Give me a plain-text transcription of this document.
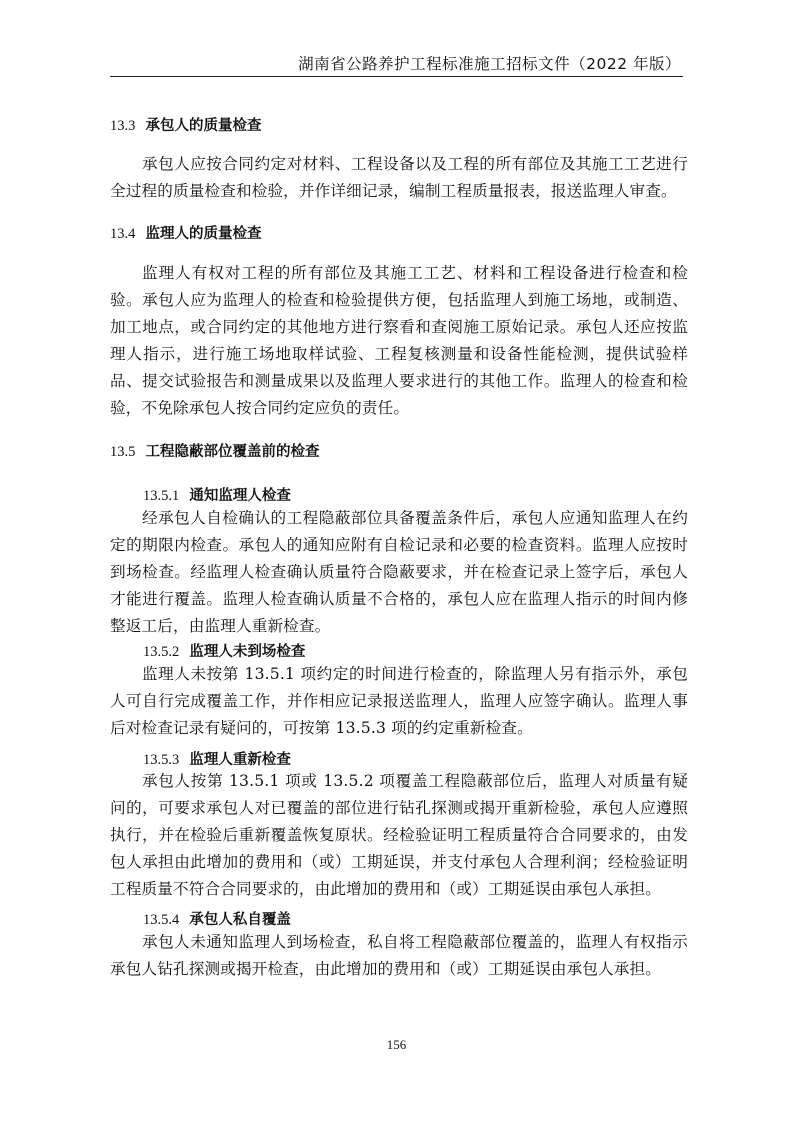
湖南省公路养护工程标准施工招标文件（2022 年版）
13.3 承包人的质量检查
承包人应按合同约定对材料、工程设备以及工程的所有部位及其施工工艺进行全过程的质量检查和检验，并作详细记录，编制工程质量报表，报送监理人审查。
13.4 监理人的质量检查
监理人有权对工程的所有部位及其施工工艺、材料和工程设备进行检查和检验。承包人应为监理人的检查和检验提供方便，包括监理人到施工场地，或制造、加工地点，或合同约定的其他地方进行察看和查阅施工原始记录。承包人还应按监理人指示，进行施工场地取样试验、工程复核测量和设备性能检测，提供试验样品、提交试验报告和测量成果以及监理人要求进行的其他工作。监理人的检查和检验，不免除承包人按合同约定应负的责任。
13.5 工程隐蔽部位覆盖前的检查
13.5.1 通知监理人检查
经承包人自检确认的工程隐蔽部位具备覆盖条件后，承包人应通知监理人在约定的期限内检查。承包人的通知应附有自检记录和必要的检查资料。监理人应按时到场检查。经监理人检查确认质量符合隐蔽要求，并在检查记录上签字后，承包人才能进行覆盖。监理人检查确认质量不合格的，承包人应在监理人指示的时间内修整返工后，由监理人重新检查。
13.5.2 监理人未到场检查
监理人未按第 13.5.1 项约定的时间进行检查的，除监理人另有指示外，承包人可自行完成覆盖工作，并作相应记录报送监理人，监理人应签字确认。监理人事后对检查记录有疑问的，可按第 13.5.3 项的约定重新检查。
13.5.3 监理人重新检查
承包人按第 13.5.1 项或 13.5.2 项覆盖工程隐蔽部位后，监理人对质量有疑问的，可要求承包人对已覆盖的部位进行钻孔探测或揭开重新检验，承包人应遵照执行，并在检验后重新覆盖恢复原状。经检验证明工程质量符合合同要求的，由发包人承担由此增加的费用和（或）工期延误，并支付承包人合理利润；经检验证明工程质量不符合合同要求的，由此增加的费用和（或）工期延误由承包人承担。
13.5.4 承包人私自覆盖
承包人未通知监理人到场检查，私自将工程隐蔽部位覆盖的，监理人有权指示承包人钻孔探测或揭开检查，由此增加的费用和（或）工期延误由承包人承担。
156
